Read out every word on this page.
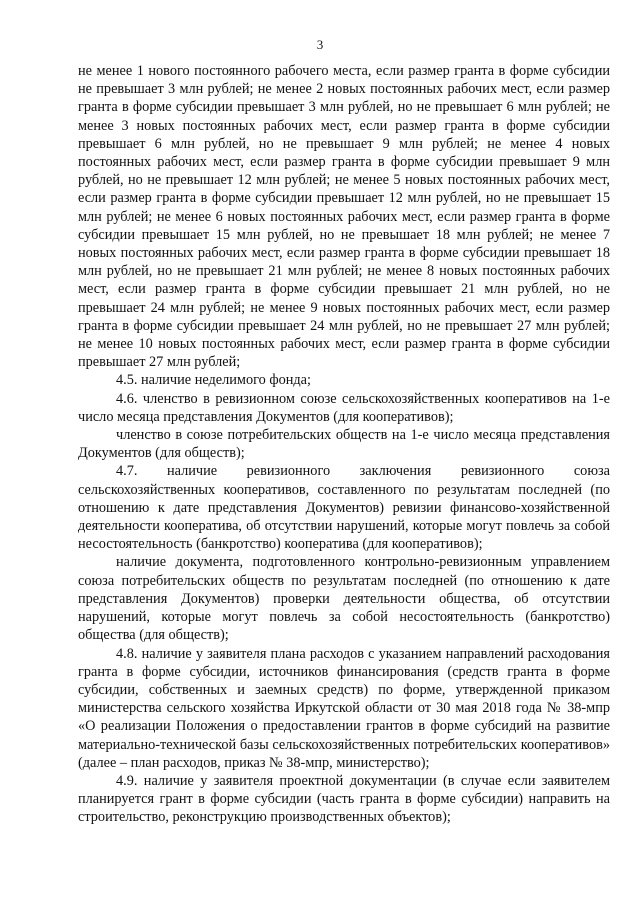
3

не менее 1 нового постоянного рабочего места, если размер гранта в форме субсидии не превышает 3 млн рублей; не менее 2 новых постоянных рабочих мест, если размер гранта в форме субсидии превышает 3 млн рублей, но не превышает 6 млн рублей; не менее 3 новых постоянных рабочих мест, если размер гранта в форме субсидии превышает 6 млн рублей, но не превышает 9 млн рублей; не менее 4 новых постоянных рабочих мест, если размер гранта в форме субсидии превышает 9 млн рублей, но не превышает 12 млн рублей; не менее 5 новых постоянных рабочих мест, если размер гранта в форме субсидии превышает 12 млн рублей, но не превышает 15 млн рублей; не менее 6 новых постоянных рабочих мест, если размер гранта в форме субсидии превышает 15 млн рублей, но не превышает 18 млн рублей; не менее 7 новых постоянных рабочих мест, если размер гранта в форме субсидии превышает 18 млн рублей, но не превышает 21 млн рублей; не менее 8 новых постоянных рабочих мест, если размер гранта в форме субсидии превышает 21 млн рублей, но не превышает 24 млн рублей; не менее 9 новых постоянных рабочих мест, если размер гранта в форме субсидии превышает 24 млн рублей, но не превышает 27 млн рублей; не менее 10 новых постоянных рабочих мест, если размер гранта в форме субсидии превышает 27 млн рублей;

4.5. наличие неделимого фонда;

4.6. членство в ревизионном союзе сельскохозяйственных кооперативов на 1-е число месяца представления Документов (для кооперативов);

членство в союзе потребительских обществ на 1-е число месяца представления Документов (для обществ);

4.7. наличие ревизионного заключения ревизионного союза сельскохозяйственных кооперативов, составленного по результатам последней (по отношению к дате представления Документов) ревизии финансово-хозяйственной деятельности кооператива, об отсутствии нарушений, которые могут повлечь за собой несостоятельность (банкротство) кооператива (для кооперативов);

наличие документа, подготовленного контрольно-ревизионным управлением союза потребительских обществ по результатам последней (по отношению к дате представления Документов) проверки деятельности общества, об отсутствии нарушений, которые могут повлечь за собой несостоятельность (банкротство) общества (для обществ);

4.8. наличие у заявителя плана расходов с указанием направлений расходования гранта в форме субсидии, источников финансирования (средств гранта в форме субсидии, собственных и заемных средств) по форме, утвержденной приказом министерства сельского хозяйства Иркутской области от 30 мая 2018 года № 38-мпр «О реализации Положения о предоставлении грантов в форме субсидий на развитие материально-технической базы сельскохозяйственных потребительских кооперативов» (далее – план расходов, приказ № 38-мпр, министерство);

4.9. наличие у заявителя проектной документации (в случае если заявителем планируется грант в форме субсидии (часть гранта в форме субсидии) направить на строительство, реконструкцию производственных объектов);
